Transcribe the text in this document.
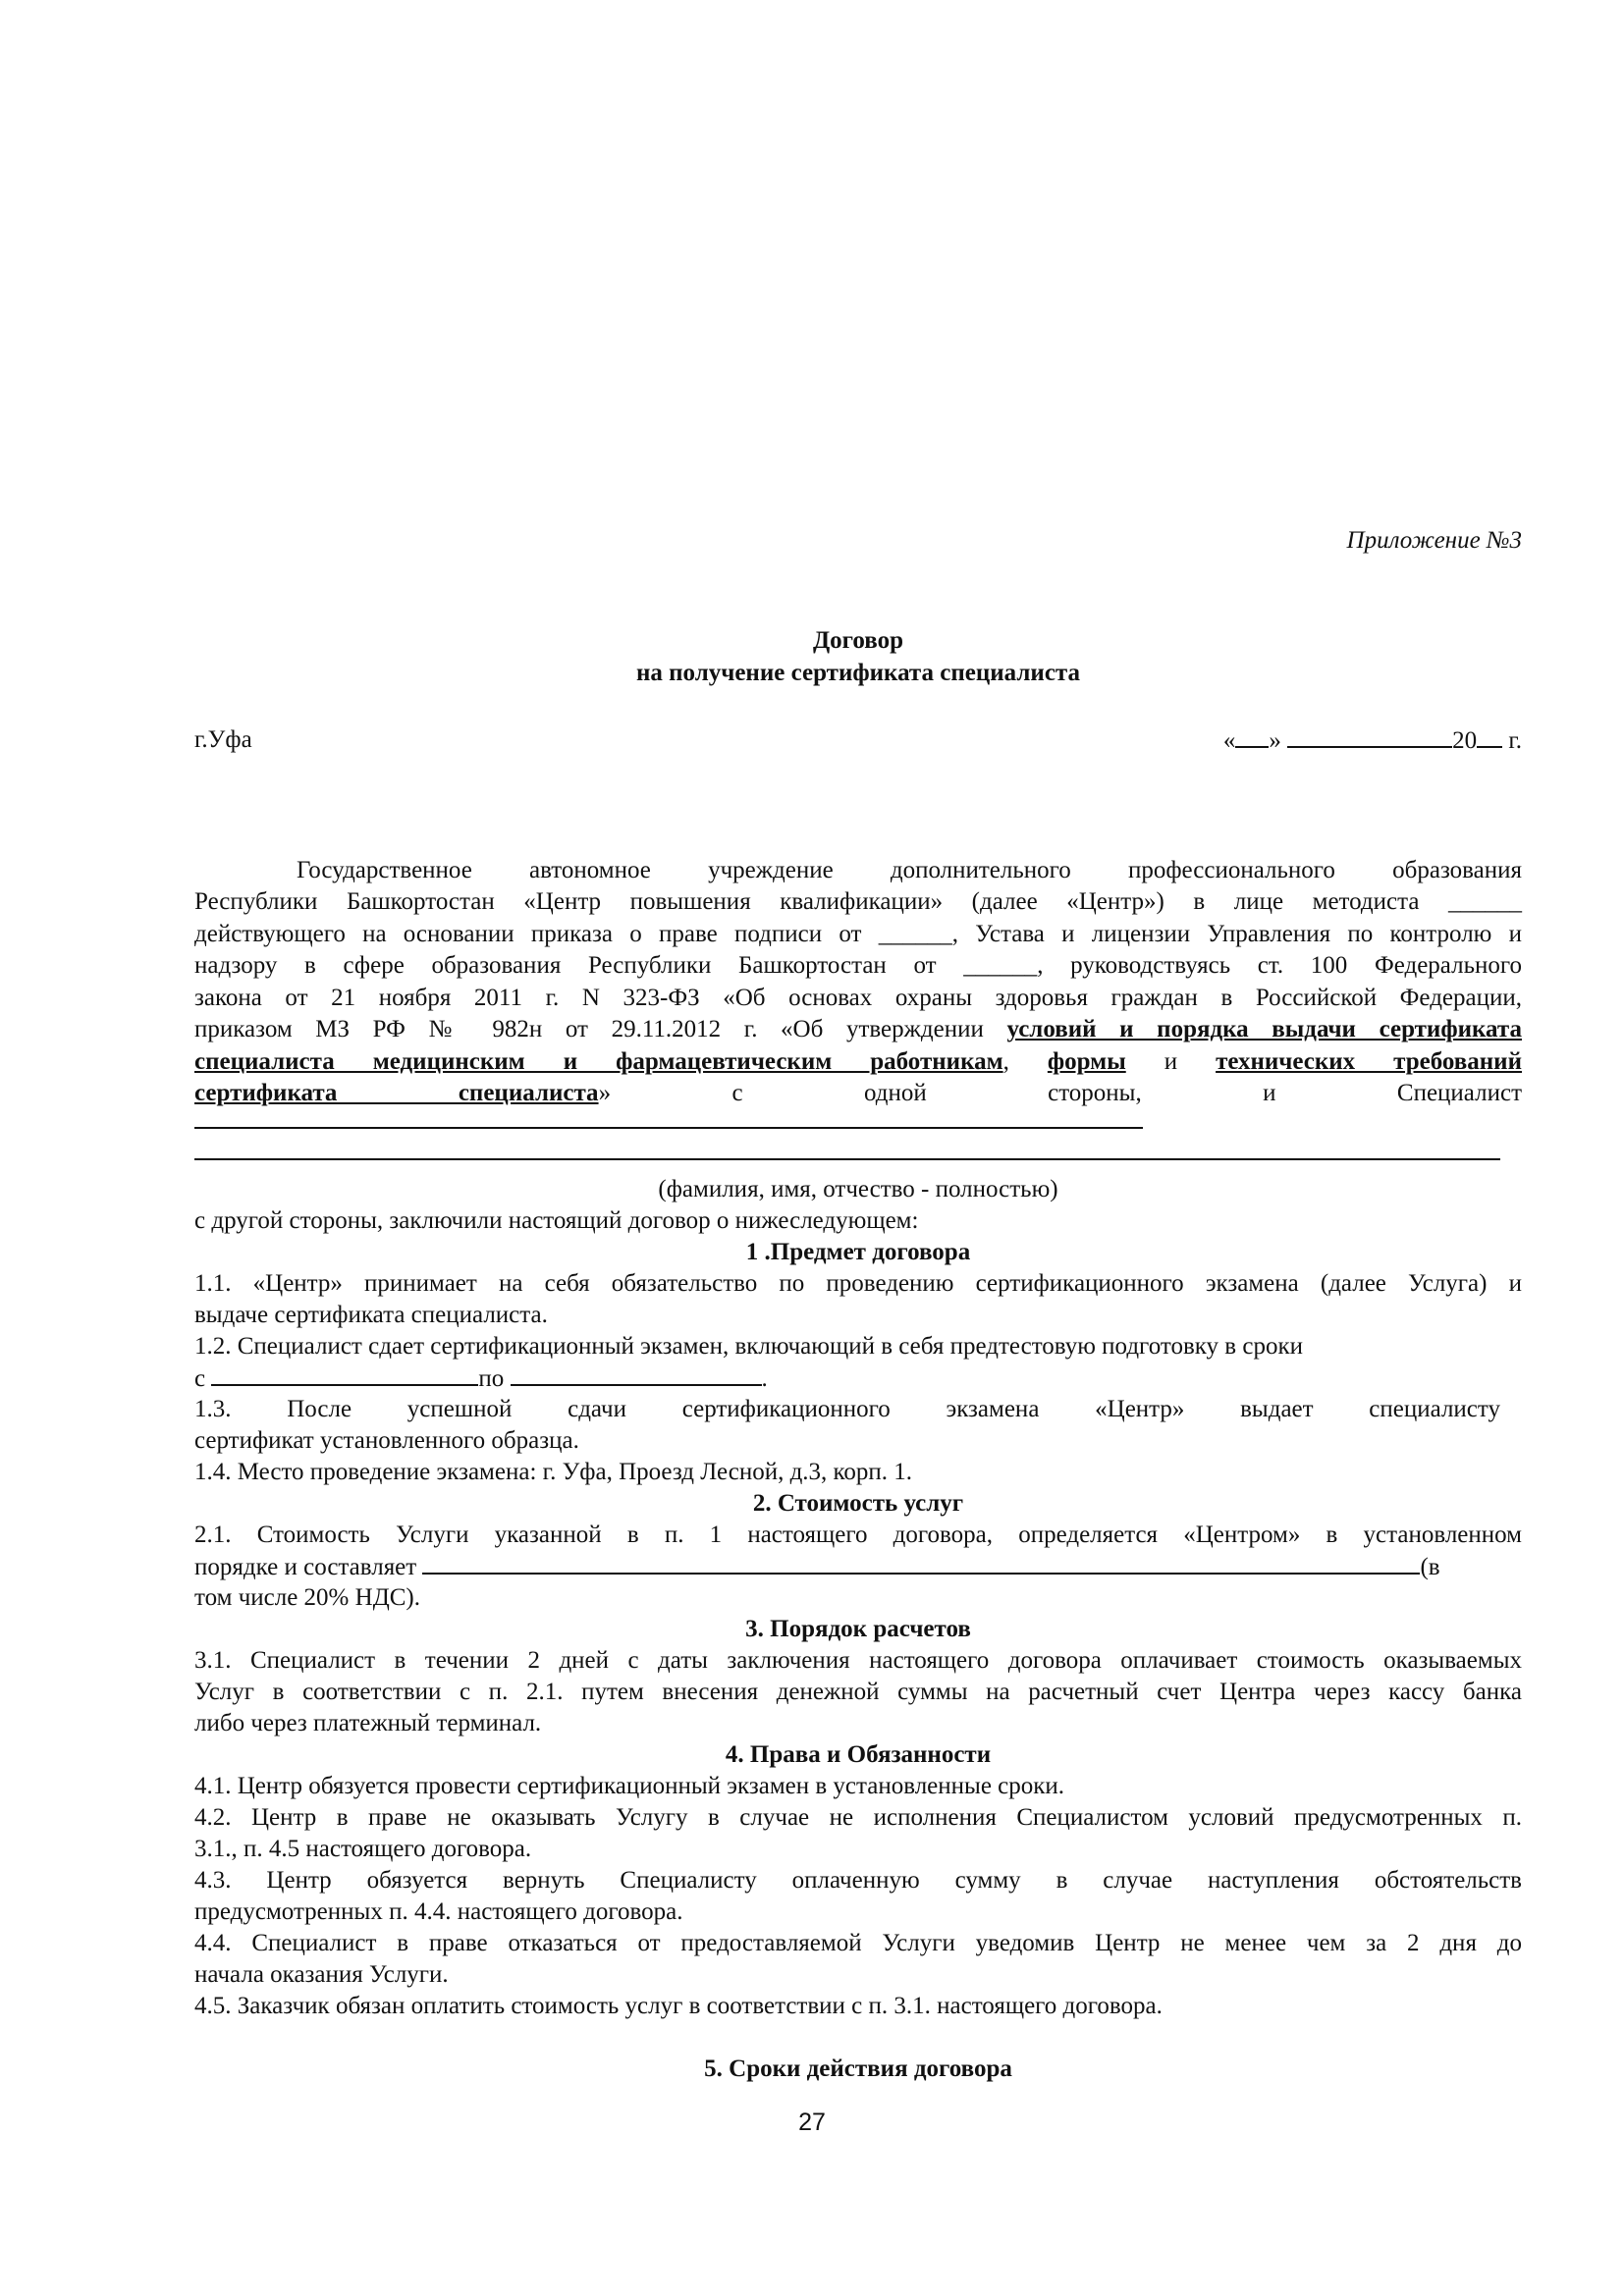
Приложение №3
Договор
на получение сертификата специалиста
г.Уфа	« »	20 г.
Государственное автономное учреждение дополнительного профессионального образования
Республики Башкортостан «Центр повышения квалификации» (далее «Центр») в лице методиста ______
действующего на основании приказа о праве подписи от ______, Устава и лицензии Управления по контролю и
надзору в сфере образования Республики Башкортостан от ______, руководствуясь ст. 100 Федерального
закона от 21 ноября 2011 г. N 323-ФЗ «Об основах охраны здоровья граждан в Российской Федерации,
приказом МЗ РФ № 982н от 29.11.2012 г. «Об утверждении условий и порядка выдачи сертификата
специалиста медицинским и фармацевтическим работникам, формы и технических требований
сертификата специалиста» с одной стороны, и Специалист
(фамилия, имя, отчество - полностью)
с другой стороны, заключили настоящий договор о нижеследующем:
1 .Предмет договора
1.1. «Центр» принимает на себя обязательство по проведению сертификационного экзамена (далее Услуга) и
выдаче сертификата специалиста.
1.2. Специалист сдает сертификационный экзамен, включающий в себя предтестовую подготовку в сроки
с	по	.
1.3. После успешной сдачи сертификационного экзамена «Центр» выдает специалисту
сертификат установленного образца.
1.4. Место проведение экзамена: г. Уфа, Проезд Лесной, д.3, корп. 1.
2. Стоимость услуг
2.1. Стоимость Услуги указанной в п. 1 настоящего договора, определяется «Центром» в установленном
порядке и составляет	(в
том числе 20% НДС).
3. Порядок расчетов
3.1. Специалист в течении 2 дней с даты заключения настоящего договора оплачивает стоимость оказываемых
Услуг в соответствии с п. 2.1. путем внесения денежной суммы на расчетный счет Центра через кассу банка
либо через платежный терминал.
4. Права и Обязанности
4.1. Центр обязуется провести сертификационный экзамен в установленные сроки.
4.2. Центр в праве не оказывать Услугу в случае не исполнения Специалистом условий предусмотренных п.
3.1., п. 4.5 настоящего договора.
4.3. Центр обязуется вернуть Специалисту оплаченную сумму в случае наступления обстоятельств
предусмотренных п. 4.4. настоящего договора.
4.4. Специалист в праве отказаться от предоставляемой Услуги уведомив Центр не менее чем за 2 дня до
начала оказания Услуги.
4.5. Заказчик обязан оплатить стоимость услуг в соответствии с п. 3.1. настоящего договора.
5. Сроки действия договора
27
